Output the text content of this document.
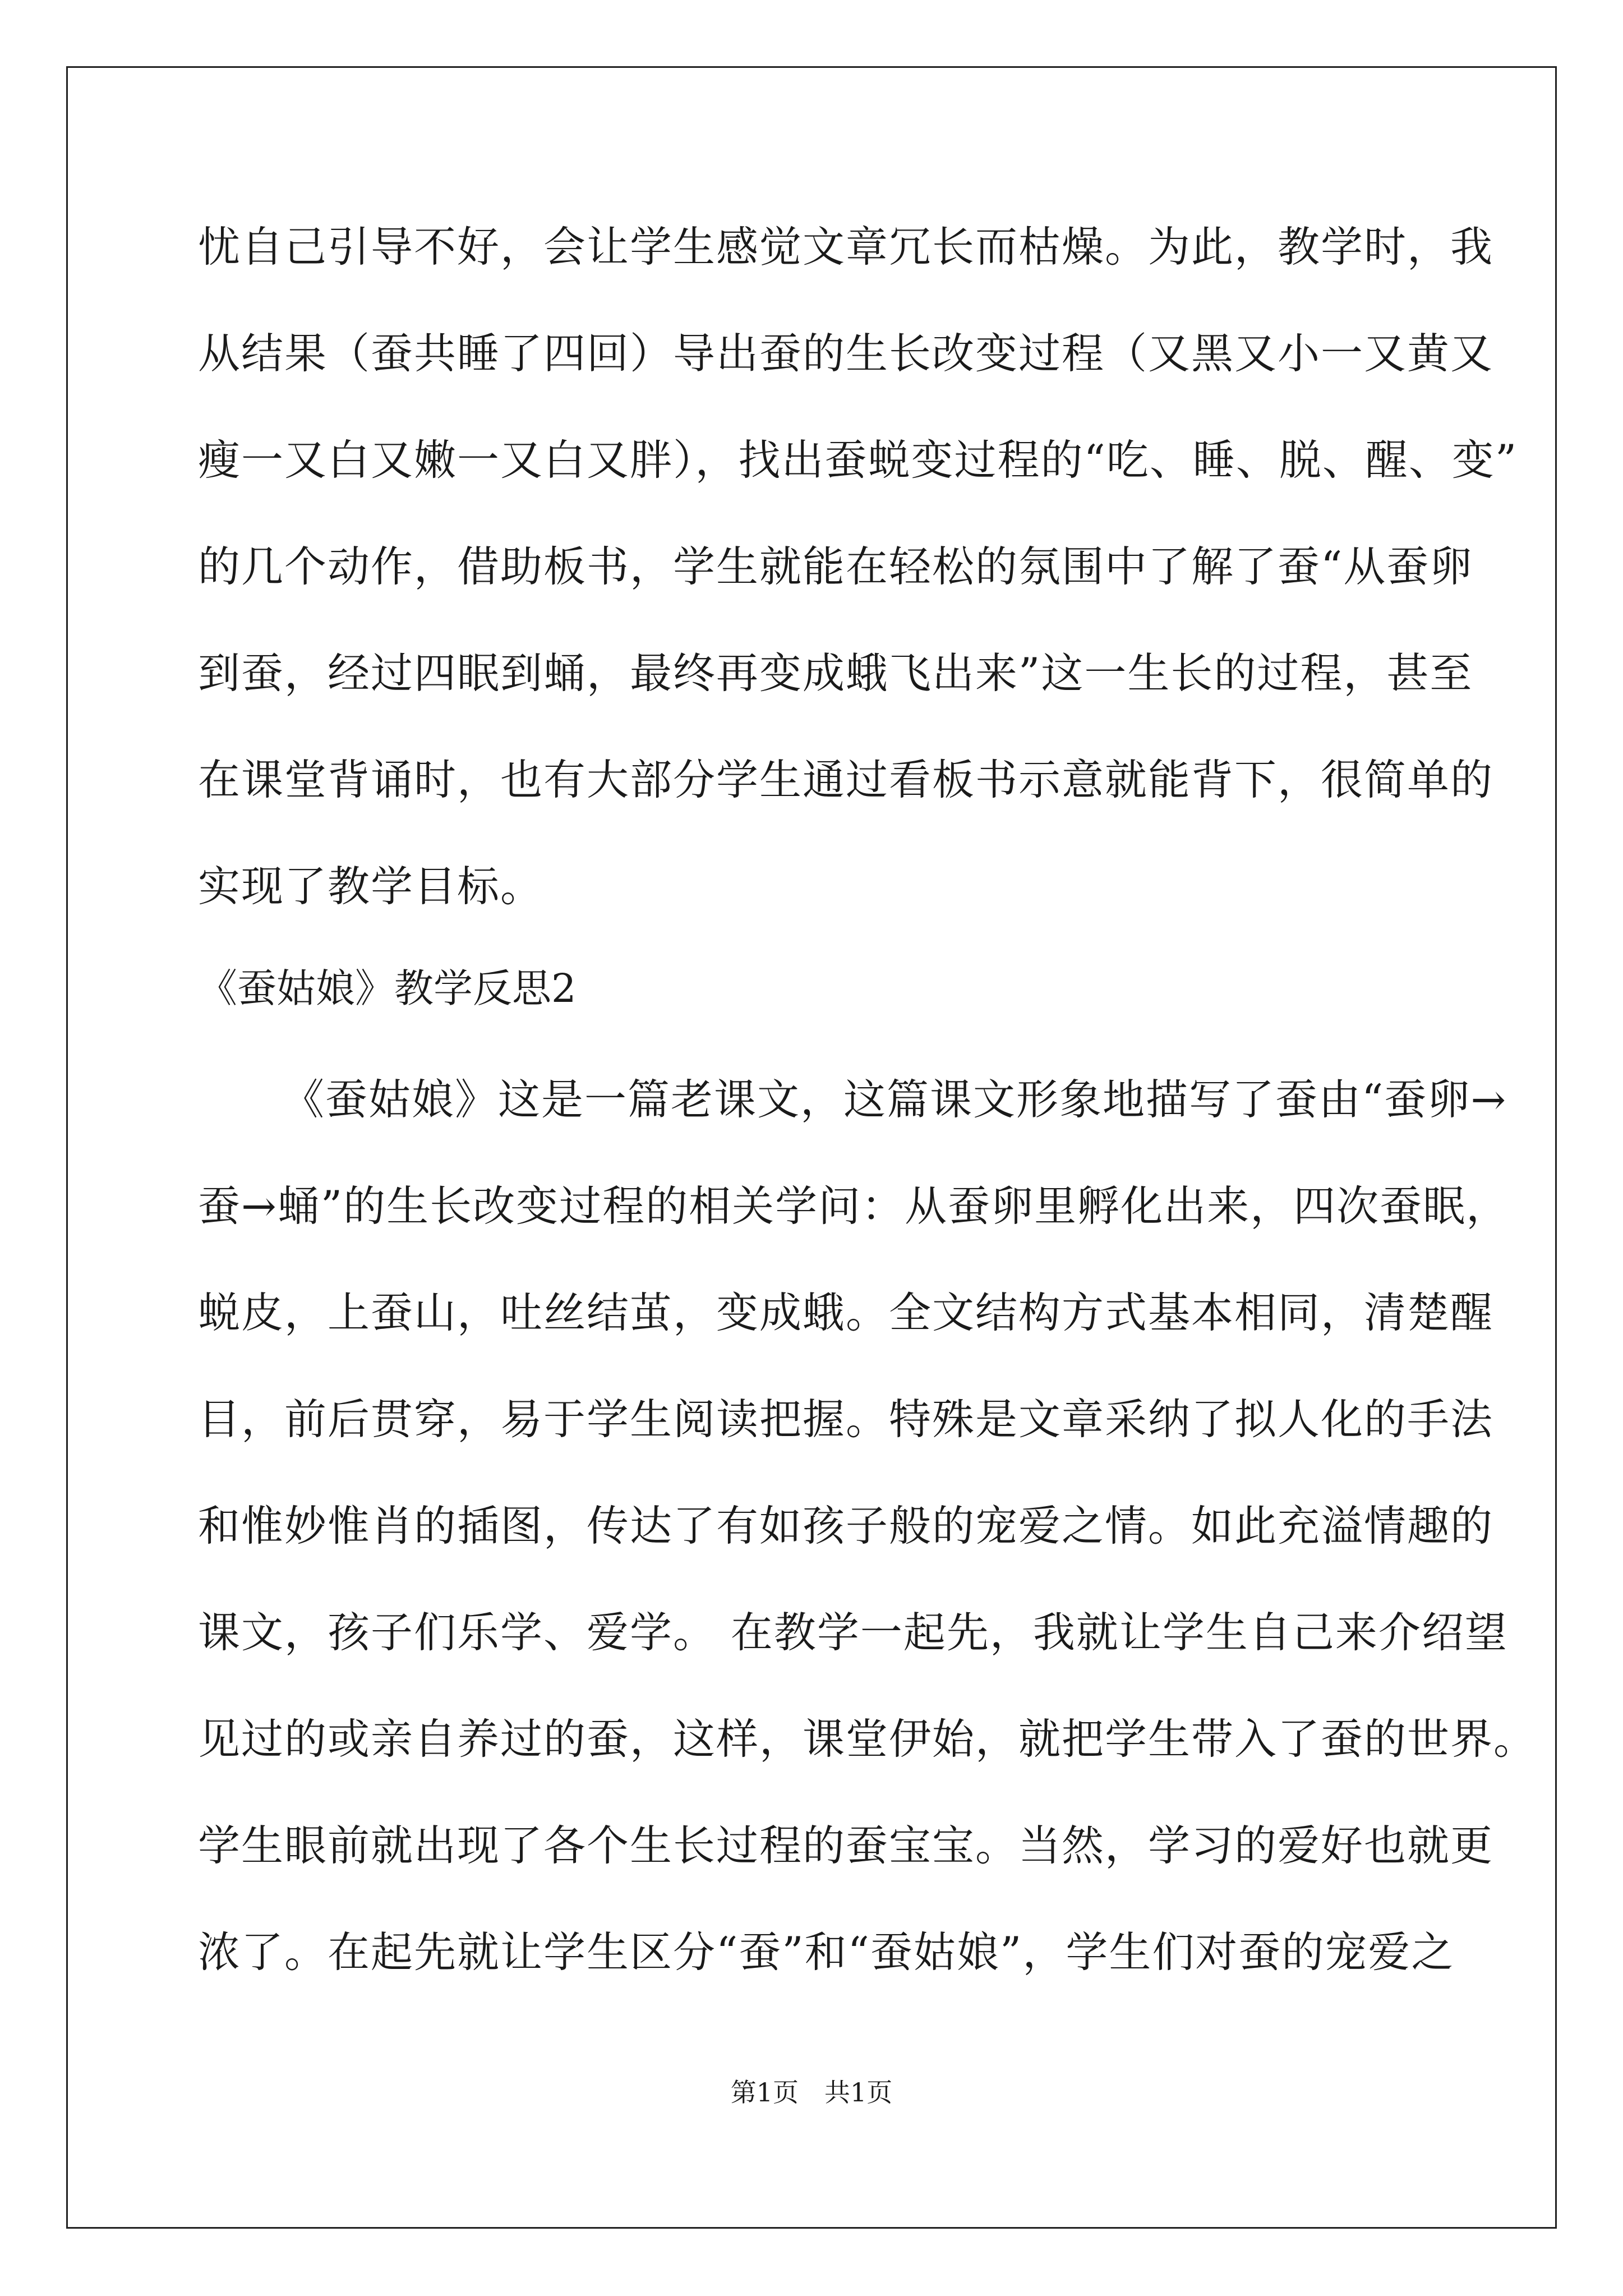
忧自己引导不好，会让学生感觉文章冗长而枯燥。为此，教学时，我
从结果（蚕共睡了四回）导出蚕的生长改变过程（又黑又小一又黄又
瘦一又白又嫩一又白又胖），找出蚕蜕变过程的“吃、睡、脱、醒、变”
的几个动作，借助板书，学生就能在轻松的氛围中了解了蚕“从蚕卵
到蚕，经过四眠到蛹，最终再变成蛾飞出来”这一生长的过程，甚至
在课堂背诵时，也有大部分学生通过看板书示意就能背下，很简单的
实现了教学目标。
《蚕姑娘》教学反思2
《蚕姑娘》这是一篇老课文，这篇课文形象地描写了蚕由“蚕卵→
蚕→蛹”的生长改变过程的相关学问：从蚕卵里孵化出来，四次蚕眠，
蜕皮，上蚕山，吐丝结茧，变成蛾。全文结构方式基本相同，清楚醒
目，前后贯穿，易于学生阅读把握。特殊是文章采纳了拟人化的手法
和惟妙惟肖的插图，传达了有如孩子般的宠爱之情。如此充溢情趣的
课文，孩子们乐学、爱学。 在教学一起先，我就让学生自己来介绍望
见过的或亲自养过的蚕，这样，课堂伊始，就把学生带入了蚕的世界。
学生眼前就出现了各个生长过程的蚕宝宝。当然，学习的爱好也就更
浓了。在起先就让学生区分“蚕”和“蚕姑娘”，学生们对蚕的宠爱之
第1页　共1页
